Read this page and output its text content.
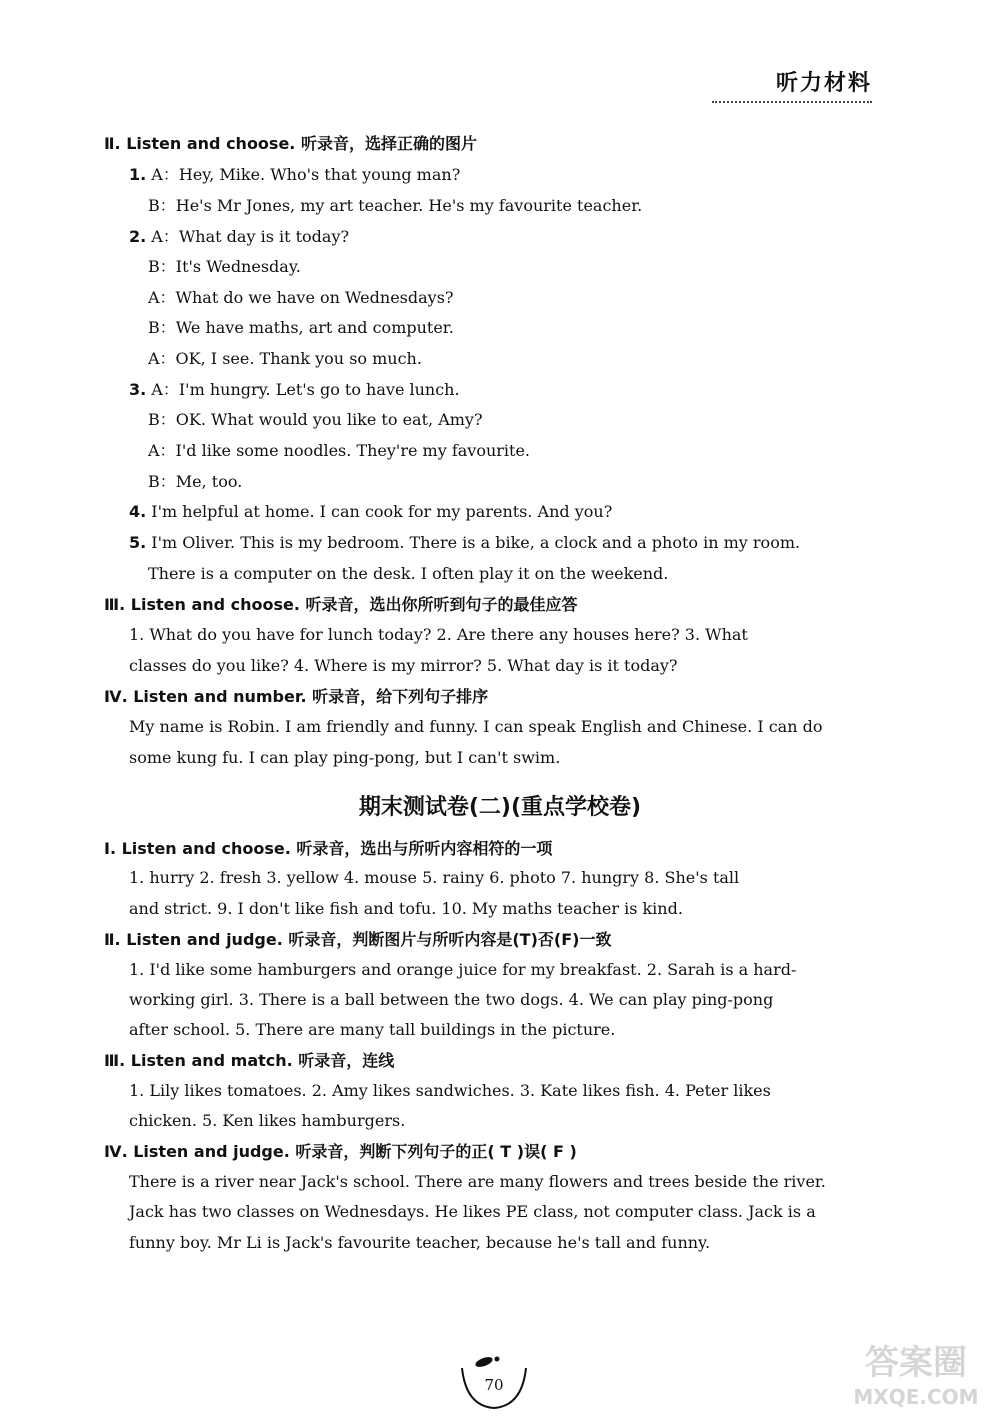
听力材料
Ⅱ. Listen and choose. 听录音，选择正确的图片
1. A：Hey, Mike. Who's that young man?
B：He's Mr Jones, my art teacher. He's my favourite teacher.
2. A：What day is it today?
B：It's Wednesday.
A：What do we have on Wednesdays?
B：We have maths, art and computer.
A：OK, I see. Thank you so much.
3. A：I'm hungry. Let's go to have lunch.
B：OK. What would you like to eat, Amy?
A：I'd like some noodles. They're my favourite.
B：Me, too.
4. I'm helpful at home. I can cook for my parents. And you?
5. I'm Oliver. This is my bedroom. There is a bike, a clock and a photo in my room.
There is a computer on the desk. I often play it on the weekend.
Ⅲ. Listen and choose. 听录音，选出你所听到句子的最佳应答
1. What do you have for lunch today? 2. Are there any houses here? 3. What
classes do you like? 4. Where is my mirror? 5. What day is it today?
Ⅳ. Listen and number. 听录音，给下列句子排序
My name is Robin. I am friendly and funny. I can speak English and Chinese. I can do
some kung fu. I can play ping-pong, but I can't swim.
Ⅰ. Listen and choose. 听录音，选出与所听内容相符的一项
1. hurry 2. fresh 3. yellow 4. mouse 5. rainy 6. photo 7. hungry 8. She's tall
and strict. 9. I don't like fish and tofu. 10. My maths teacher is kind.
Ⅱ. Listen and judge. 听录音，判断图片与所听内容是(T)否(F)一致
1. I'd like some hamburgers and orange juice for my breakfast. 2. Sarah is a hard-
working girl. 3. There is a ball between the two dogs. 4. We can play ping-pong
after school. 5. There are many tall buildings in the picture.
Ⅲ. Listen and match. 听录音，连线
1. Lily likes tomatoes. 2. Amy likes sandwiches. 3. Kate likes fish. 4. Peter likes
chicken. 5. Ken likes hamburgers.
Ⅳ. Listen and judge. 听录音，判断下列句子的正( T )误( F )
There is a river near Jack's school. There are many flowers and trees beside the river.
Jack has two classes on Wednesdays. He likes PE class, not computer class. Jack is a
funny boy. Mr Li is Jack's favourite teacher, because he's tall and funny.
期末测试卷(二)(重点学校卷)
70
答案圈
MXQE.COM
